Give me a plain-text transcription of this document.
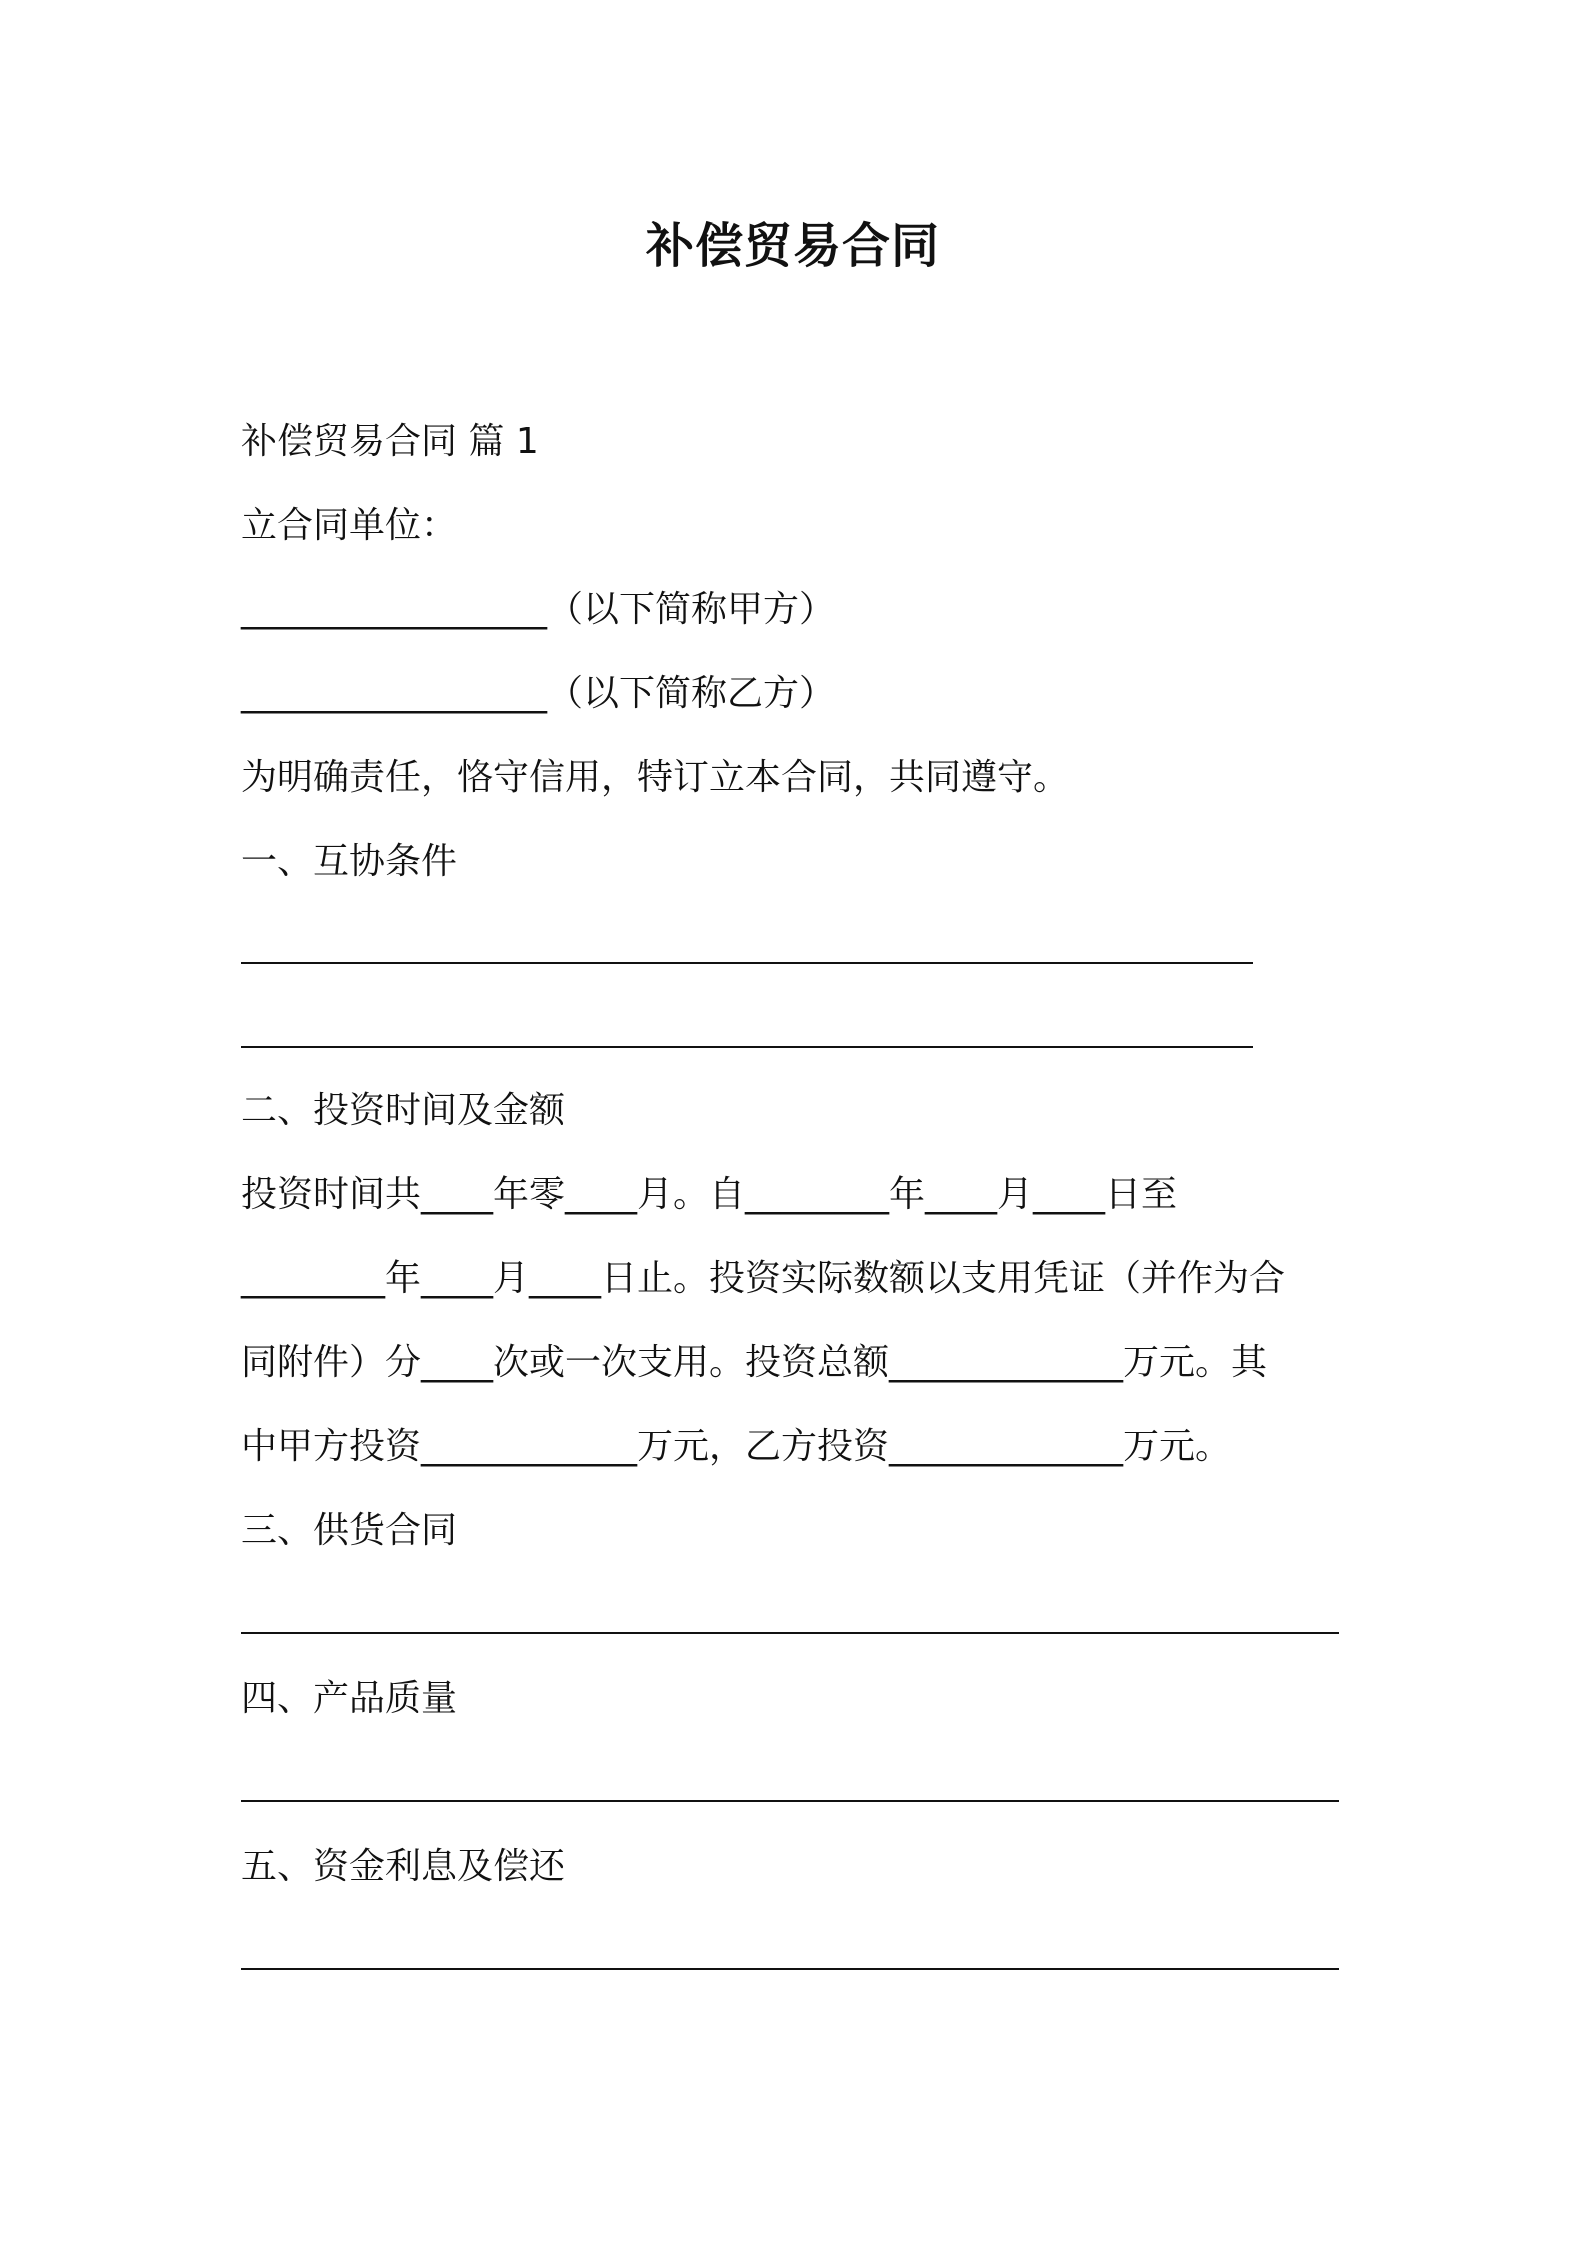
补偿贸易合同
补偿贸易合同 篇 1
立合同单位：
_________________（以下简称甲方）
_________________（以下简称乙方）
为明确责任，恪守信用，特订立本合同，共同遵守。
一、互协条件
二、投资时间及金额
投资时间共____年零____月。自________年____月____日至
________年____月____日止。投资实际数额以支用凭证（并作为合
同附件）分____次或一次支用。投资总额_____________万元。其
中甲方投资____________万元，乙方投资_____________万元。
三、供货合同
四、产品质量
五、资金利息及偿还
